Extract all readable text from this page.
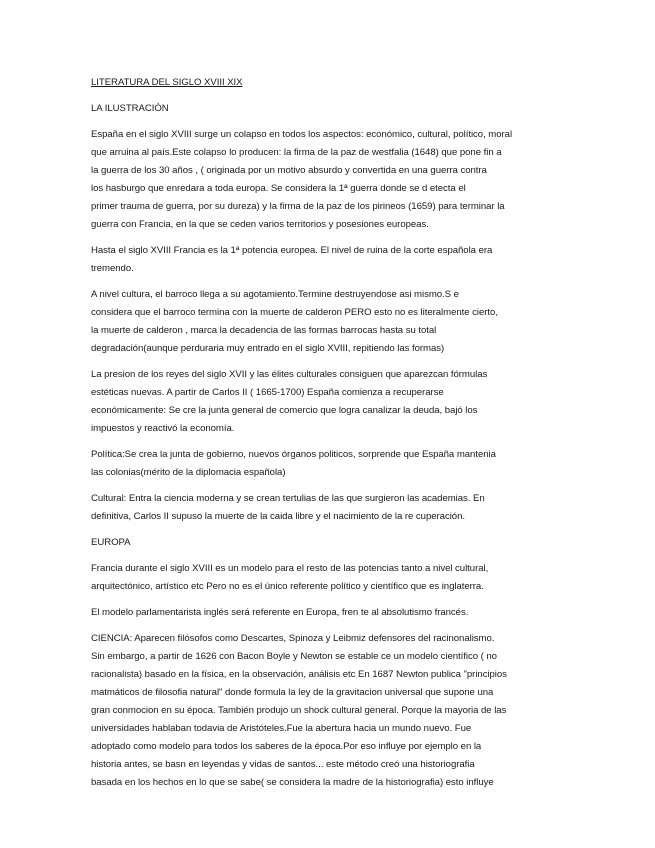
LITERATURA DEL SIGLO XVIII XIX

LA ILUSTRACIÓN

España en el siglo XVIII surge un colapso en todos los aspectos: económico, cultural, político, moral
que arruina al país.Este colapso lo producen: la firma de la paz de westfalia (1648) que pone fin a
la guerra de los 30 años , ( originada por un motivo absurdo y convertida en una guerra contra
los hasburgo que enredara a toda europa. Se considera la 1ª guerra donde se d etecta el
primer trauma de guerra, por su dureza) y la firma de la paz de los pirineos (1659) para terminar la
guerra con Francia, en la que se ceden varios territorios y posesiones europeas.

Hasta el siglo XVIII Francia es la 1ª potencia europea. El nivel de ruina de la corte española era
tremendo.

A nivel cultura, el barroco llega a su agotamiento.Termine destruyendose asi mismo.S e
considera que el barroco termina con la muerte de calderon PERO esto no es literalmente cierto,
la muerte de calderon , marca la decadencia de las formas barrocas hasta su total
degradación(aunque perduraria muy entrado en el siglo XVIII, repitiendo las formas)

La presion de los reyes del siglo XVII y las élites culturales consiguen que aparezcan fórmulas
estéticas nuevas. A partir de Carlos II ( 1665-1700) España comienza a recuperarse
económicamente: Se cre la junta general de comercio que logra canalizar la deuda, bajó los
impuestos y reactivó la economía.

Política:Se crea la junta de gobierno, nuevos órganos politicos, sorprende que España mantenia
las colonias(mérito de la diplomacia española)

Cultural: Entra la ciencia moderna y se crean tertulias de las que surgieron las academias. En
definitiva, Carlos II supuso la muerte de la caida libre y el nacimiento de la re cuperación.

EUROPA

Francia durante el siglo XVIII es un modelo para el resto de las potencias tanto a nivel cultural,
arquitectónico, artístico etc Pero no es el único referente político y científico que es inglaterra.

El modelo parlamentarista inglés será referente en Europa, fren te al absolutismo francés.

CIENCIA: Aparecen filósofos como Descartes, Spinoza y Leibmiz defensores del racinonalismo.
Sin embargo, a partir de 1626 con Bacon Boyle y Newton se estable ce un modelo científico ( no
racionalista) basado en la física, en la observación, análisis etc En 1687 Newton publica "principios
matmáticos de filosofia natural" donde formula la ley de la gravitacion universal que supone una
gran conmocion en su época. También produjo un shock cultural general. Porque la mayoria de las
universidades hablaban todavia de Aristóteles.Fue la abertura hacia un mundo nuevo. Fue
adoptado como modelo para todos los saberes de la época.Por eso influye por ejemplo en la
historia antes, se basn en leyendas y vidas de santos... este método creó una historiografia
basada en los hechos en lo que se sabe( se considera la madre de la historiografia) esto influye
